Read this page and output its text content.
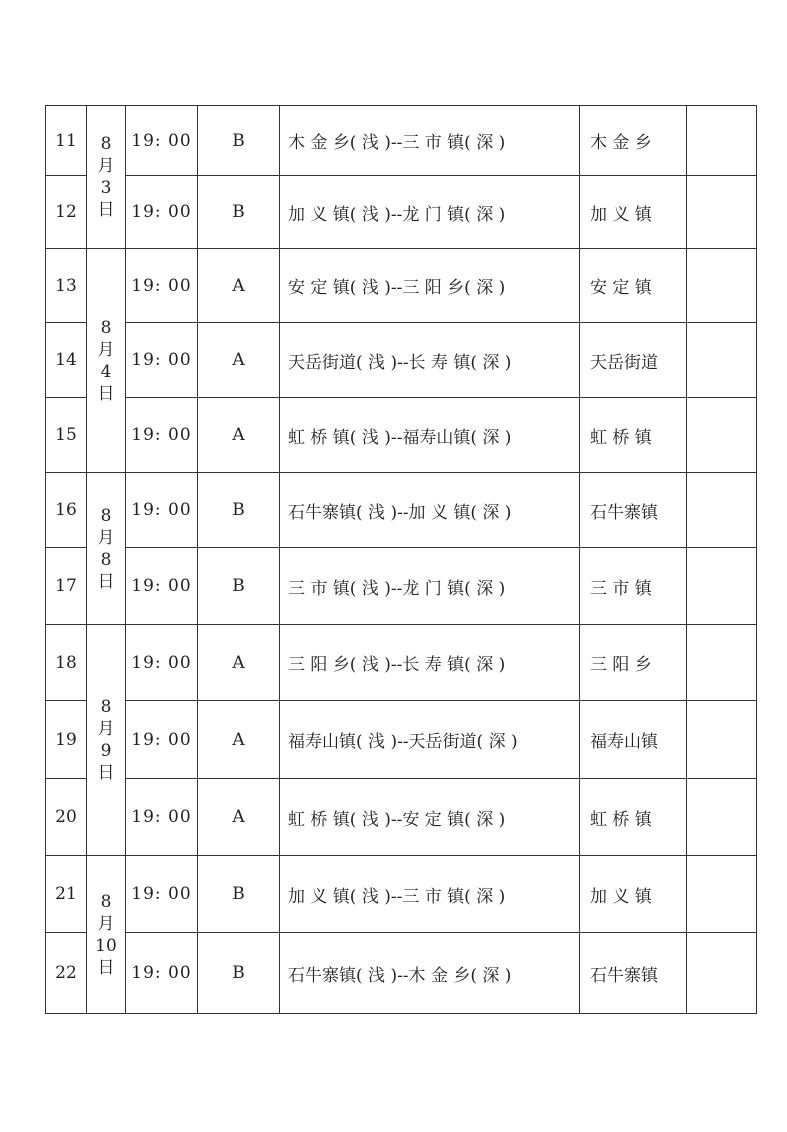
11	8
月
3
日	19: 00	B	木 金 乡( 浅 )--三 市 镇( 深 )	木 金 乡	
12		19: 00	B	加 义 镇( 浅 )--龙 门 镇( 深 )	加 义 镇	
13	8
月
4
日	19: 00	A	安 定 镇( 浅 )--三 阳 乡( 深 )	安 定 镇	
14		19: 00	A	天岳街道( 浅 )--长 寿 镇( 深 )	天岳街道	
15		19: 00	A	虹 桥 镇( 浅 )--福寿山镇( 深 )	虹 桥 镇	
16	8
月
8
日	19: 00	B	石牛寨镇( 浅 )--加 义 镇( 深 )	石牛寨镇	
17		19: 00	B	三 市 镇( 浅 )--龙 门 镇( 深 )	三 市 镇	
18	8
月
9
日	19: 00	A	三 阳 乡( 浅 )--长 寿 镇( 深 )	三 阳 乡	
19		19: 00	A	福寿山镇( 浅 )--天岳街道( 深 )	福寿山镇	
20		19: 00	A	虹 桥 镇( 浅 )--安 定 镇( 深 )	虹 桥 镇	
21	8
月
10
日	19: 00	B	加 义 镇( 浅 )--三 市 镇( 深 )	加 义 镇	
22		19: 00	B	石牛寨镇( 浅 )--木 金 乡( 深 )	石牛寨镇	
